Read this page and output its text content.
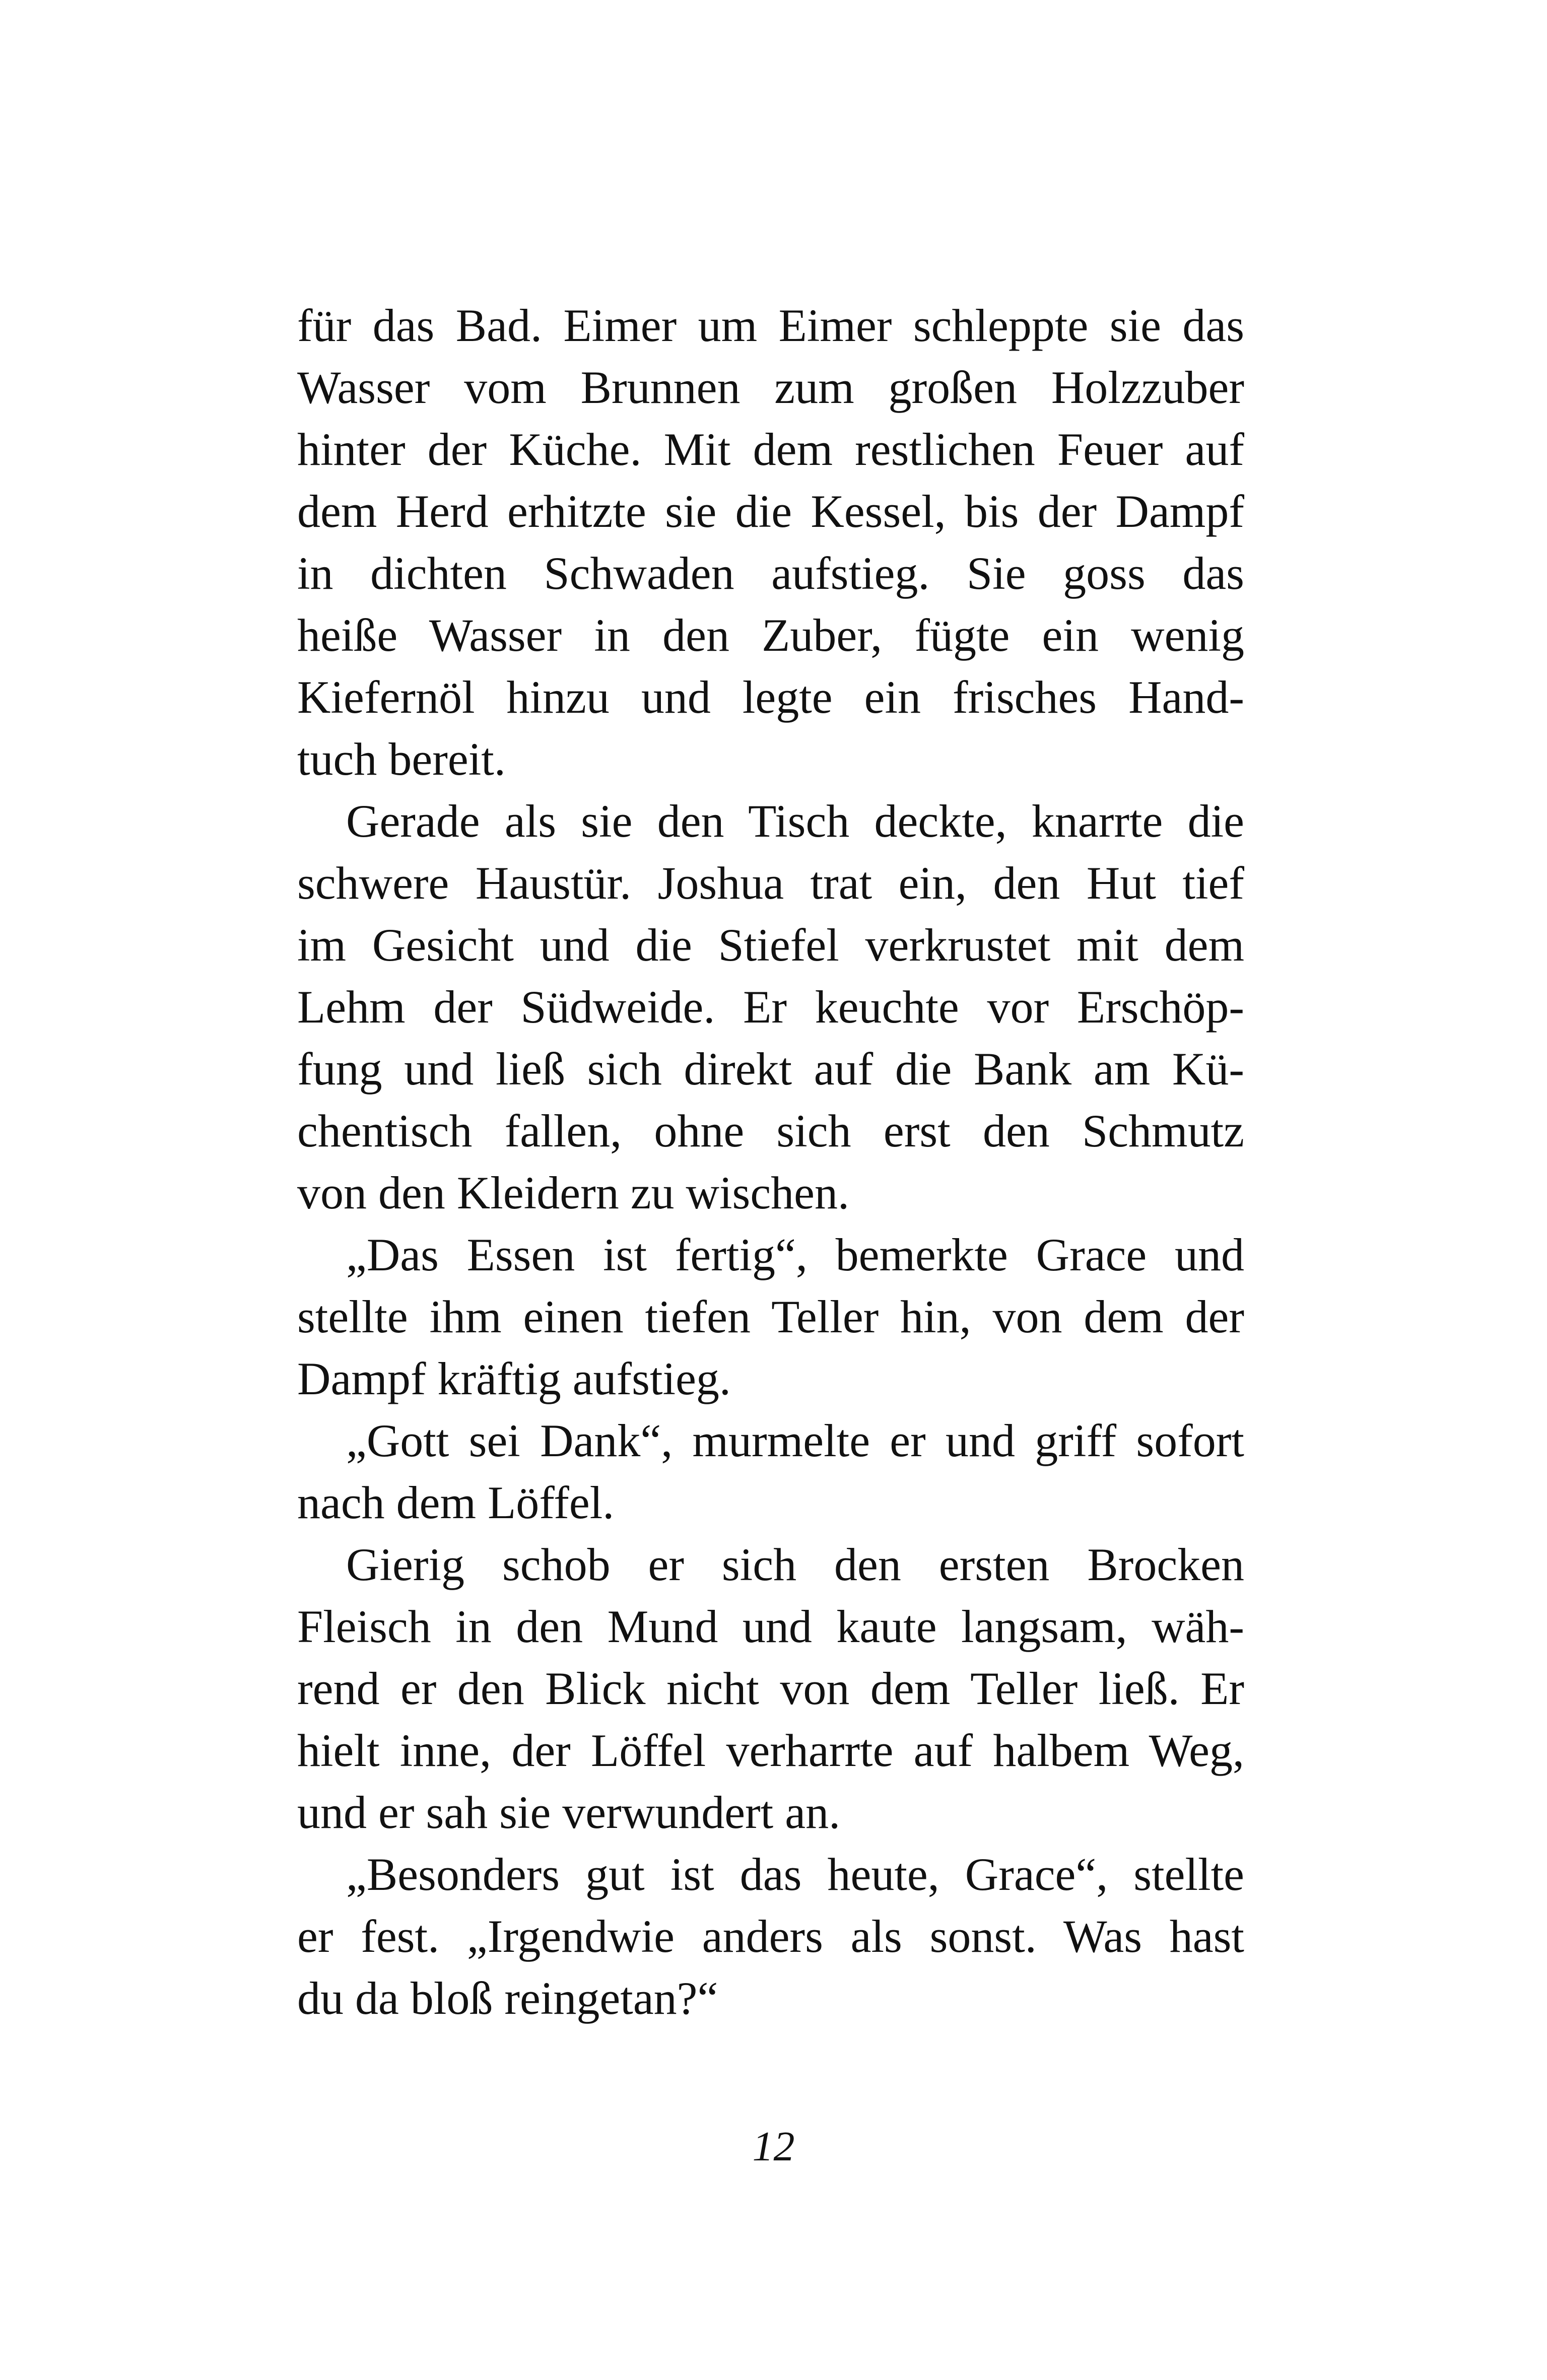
für das Bad. Eimer um Eimer schleppte sie das
Wasser vom Brunnen zum großen Holzzuber
hinter der Küche. Mit dem restlichen Feuer auf
dem Herd erhitzte sie die Kessel, bis der Dampf
in dichten Schwaden aufstieg. Sie goss das
heiße Wasser in den Zuber, fügte ein wenig
Kiefernöl hinzu und legte ein frisches Hand-
tuch bereit.
Gerade als sie den Tisch deckte, knarrte die
schwere Haustür. Joshua trat ein, den Hut tief
im Gesicht und die Stiefel verkrustet mit dem
Lehm der Südweide. Er keuchte vor Erschöp-
fung und ließ sich direkt auf die Bank am Kü-
chentisch fallen, ohne sich erst den Schmutz
von den Kleidern zu wischen.
„Das Essen ist fertig“, bemerkte Grace und
stellte ihm einen tiefen Teller hin, von dem der
Dampf kräftig aufstieg.
„Gott sei Dank“, murmelte er und griff sofort
nach dem Löffel.
Gierig schob er sich den ersten Brocken
Fleisch in den Mund und kaute langsam, wäh-
rend er den Blick nicht von dem Teller ließ. Er
hielt inne, der Löffel verharrte auf halbem Weg,
und er sah sie verwundert an.
„Besonders gut ist das heute, Grace“, stellte
er fest. „Irgendwie anders als sonst. Was hast
du da bloß reingetan?“
12
